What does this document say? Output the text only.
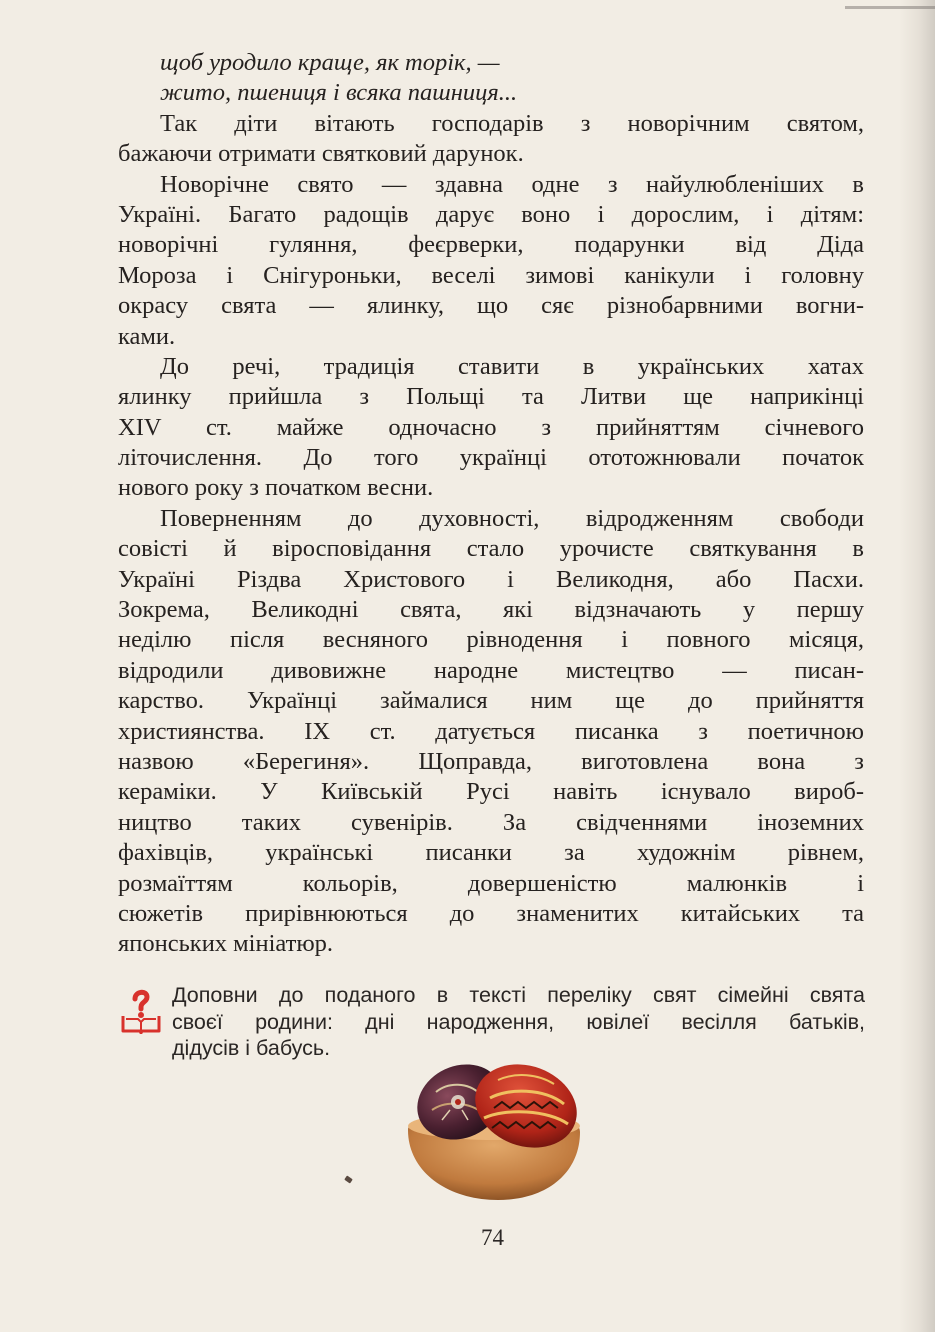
щоб уродило краще, як торік, —
жито, пшениця і всяка пашниця...
Так діти вітають господарів з новорічним святом,
бажаючи отримати святковий дарунок.
Новорічне свято — здавна одне з найулюбленіших в
Україні. Багато радощів дарує воно і дорослим, і дітям:
новорічні гуляння, феєрверки, подарунки від Діда
Мороза і Снігуроньки, веселі зимові канікули і головну
окрасу свята — ялинку, що сяє різнобарвними вогни-
ками.
До речі, традиція ставити в українських хатах
ялинку прийшла з Польщі та Литви ще наприкінці
XIV ст. майже одночасно з прийняттям січневого
літочислення. До того українці ототожнювали початок
нового року з початком весни.
Поверненням до духовності, відродженням свободи
совісті й віросповідання стало урочисте святкування в
Україні Різдва Христового і Великодня, або Пасхи.
Зокрема, Великодні свята, які відзначають у першу
неділю після весняного рівнодення і повного місяця,
відродили дивовижне народне мистецтво — писан-
карство. Українці займалися ним ще до прийняття
християнства. IX ст. датується писанка з поетичною
назвою «Берегиня». Щоправда, виготовлена вона з
кераміки. У Київській Русі навіть існувало вироб-
ництво таких сувенірів. За свідченнями іноземних
фахівців, українські писанки за художнім рівнем,
розмаїттям кольорів, довершеністю малюнків і
сюжетів прирівнюються до знаменитих китайських та
японських мініатюр.
Доповни до поданого в тексті переліку свят сімейні свята
своєї родини: дні народження, ювілеї весілля батьків,
дідусів і бабусь.
74
